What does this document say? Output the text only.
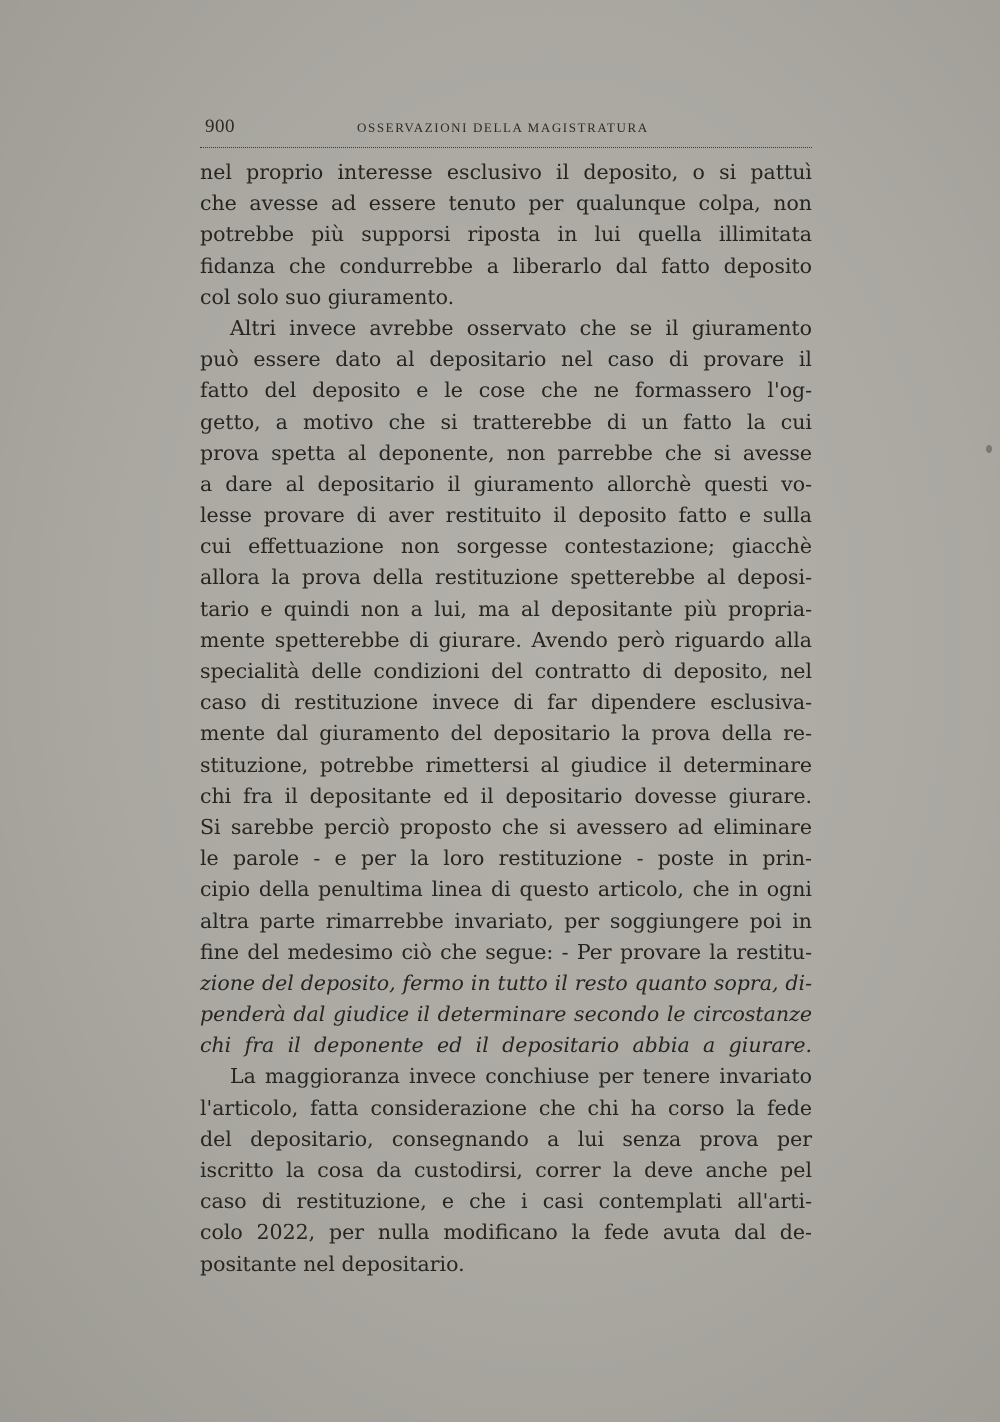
900	OSSERVAZIONI DELLA MAGISTRATURA
nel proprio interesse esclusivo il deposito, o si pattuì
che avesse ad essere tenuto per qualunque colpa, non
potrebbe più supporsi riposta in lui quella illimitata
fidanza che condurrebbe a liberarlo dal fatto deposito
col solo suo giuramento.
Altri invece avrebbe osservato che se il giuramento
può essere dato al depositario nel caso di provare il
fatto del deposito e le cose che ne formassero l'og-
getto, a motivo che si tratterebbe di un fatto la cui
prova spetta al deponente, non parrebbe che si avesse
a dare al depositario il giuramento allorchè questi vo-
lesse provare di aver restituito il deposito fatto e sulla
cui effettuazione non sorgesse contestazione; giacchè
allora la prova della restituzione spetterebbe al deposi-
tario e quindi non a lui, ma al depositante più propria-
mente spetterebbe di giurare. Avendo però riguardo alla
specialità delle condizioni del contratto di deposito, nel
caso di restituzione invece di far dipendere esclusiva-
mente dal giuramento del depositario la prova della re-
stituzione, potrebbe rimettersi al giudice il determinare
chi fra il depositante ed il depositario dovesse giurare.
Si sarebbe perciò proposto che si avessero ad eliminare
le parole - e per la loro restituzione - poste in prin-
cipio della penultima linea di questo articolo, che in ogni
altra parte rimarrebbe invariato, per soggiungere poi in
fine del medesimo ciò che segue: - Per provare la restitu-
zione del deposito, fermo in tutto il resto quanto sopra, di-
penderà dal giudice il determinare secondo le circostanze
chi fra il deponente ed il depositario abbia a giurare.
La maggioranza invece conchiuse per tenere invariato
l'articolo, fatta considerazione che chi ha corso la fede
del depositario, consegnando a lui senza prova per
iscritto la cosa da custodirsi, correr la deve anche pel
caso di restituzione, e che i casi contemplati all'arti-
colo 2022, per nulla modificano la fede avuta dal de-
positante nel depositario.
